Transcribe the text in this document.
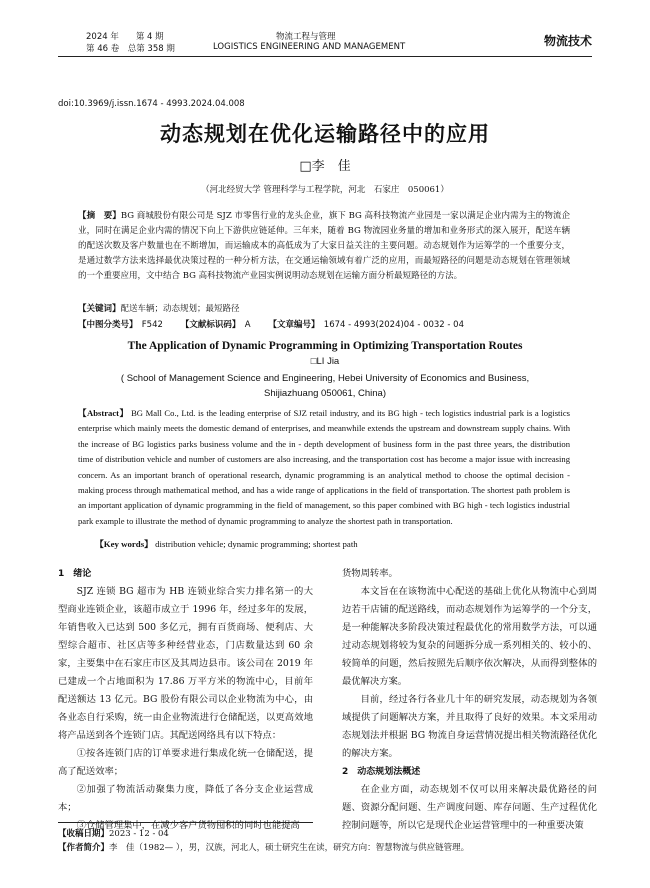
2024 年　　第 4 期
第 46 卷　总第 358 期
物流工程与管理
LOGISTICS ENGINEERING AND MANAGEMENT	物流技术
doi:10.3969/j.issn.1674 - 4993.2024.04.008
动态规划在优化运输路径中的应用
□李　佳
（河北经贸大学 管理科学与工程学院，河北　石家庄　050061）
【摘　要】BG 商城股份有限公司是 SJZ 市零售行业的龙头企业，旗下 BG 高科技物流产业园是一家以满足企业内需为主的物流企业，同时在满足企业内需的情况下向上下游供应链延伸。三年来，随着 BG 物流园业务量的增加和业务形式的深入展开，配送车辆的配送次数及客户数量也在不断增加，而运输成本的高低成为了大家日益关注的主要问题。动态规划作为运筹学的一个重要分支，是通过数学方法来选择最优决策过程的一种分析方法，在交通运输领域有着广泛的应用，而最短路径的问题是动态规划在管理领域的一个重要应用，文中结合 BG 高科技物流产业园实例说明动态规划在运输方面分析最短路径的方法。
【关键词】配送车辆；动态规划；最短路径
【中图分类号】　 F542 【文献标识码】　 A 【文章编号】　 1674 - 4993(2024)04 - 0032 - 04
The Application of Dynamic Programming in Optimizing Transportation Routes
□LI Jia
( School of Management Science and Engineering, Hebei University of Economics and Business, Shijiazhuang 050061, China)
【Abstract】 BG Mall Co., Ltd. is the leading enterprise of SJZ retail industry, and its BG high - tech logistics industrial park is a logistics enterprise which mainly meets the domestic demand of enterprises, and meanwhile extends the upstream and downstream supply chains. With the increase of BG logistics parks business volume and the in - depth development of business form in the past three years, the distribution time of distribution vehicle and number of customers are also increasing, and the transportation cost has become a major issue with increasing concern. As an important branch of operational research, dynamic programming is an analytical method to choose the optimal decision - making process through mathematical method, and has a wide range of applications in the field of transportation. The shortest path problem is an important application of dynamic programming in the field of management, so this paper combined with BG high - tech logistics industrial park example to illustrate the method of dynamic programming to analyze the shortest path in transportation.
【Key words】 distribution vehicle; dynamic programming; shortest path

1　绪论

SJZ 连锁 BG 超市为 HB 连锁业综合实力排名第一的大型商业连锁企业，该超市成立于 1996 年，经过多年的发展，年销售收入已达到 500 多亿元，拥有百货商场、便利店、大型综合超市、社区店等多种经营业态，门店数量达到 60 余家，主要集中在石家庄市区及其周边县市。该公司在 2019 年已建成一个占地面积为 17.86 万平方米的物流中心，目前年配送额达 13 亿元。BG 股份有限公司以企业物流为中心，由各业态自行采购，统一由企业物流进行仓储配送，以更高效地将产品送到各个连锁门店。其配送网络具有以下特点：

①按各连锁门店的订单要求进行集成化统一仓储配送，提高了配送效率；

②加强了物流活动聚集力度，降低了各分支企业运营成本；

③仓储管理集中，在减少客户货物囤积的同时也能提高

货物周转率。

本文旨在在该物流中心配送的基础上优化从物流中心到周边若干店铺的配送路线，而动态规划作为运筹学的一个分支，是一种能解决多阶段决策过程最优化的常用数学方法，可以通过动态规划将较为复杂的问题拆分成一系列相关的、较小的、较简单的问题，然后按照先后顺序依次解决，从而得到整体的最优解决方案。

目前，经过各行各业几十年的研究发展，动态规划为各领域提供了问题解决方案，并且取得了良好的效果。本文采用动态规划法并根据 BG 物流自身运营情况提出相关物流路径优化的解决方案。

2　动态规划法概述

在企业方面，动态规划不仅可以用来解决最优路径的问题、资源分配问题、生产调度问题、库存问题、生产过程优化控制问题等，所以它是现代企业运营管理中的一种重要决策

【收稿日期】2023 - 12 - 04
【作者简介】李　佳（1982— ），男，汉族，河北人，硕士研究生在读，研究方向：智慧物流与供应链管理。
